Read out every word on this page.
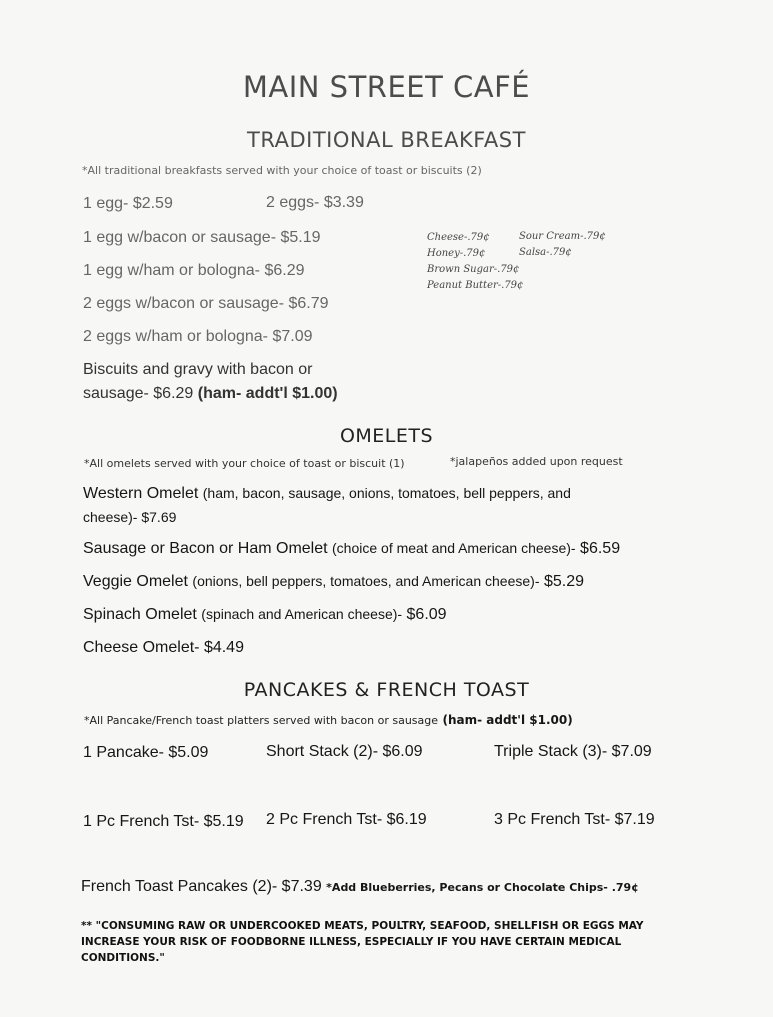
MAIN STREET CAFÉ
TRADITIONAL BREAKFAST
*All traditional breakfasts served with your choice of toast or biscuits (2)
1 egg- $2.59	2 eggs- $3.39
1 egg w/bacon or sausage- $5.19
1 egg w/ham or bologna- $6.29
2 eggs w/bacon or sausage- $6.79
2 eggs w/ham or bologna- $7.09
Biscuits and gravy with bacon or
sausage- $6.29 (ham- addt'l $1.00)
Cheese-.79¢	Sour Cream-.79¢
Honey-.79¢	Salsa-.79¢
Brown Sugar-.79¢
Peanut Butter-.79¢
OMELETS
*All omelets served with your choice of toast or biscuit (1)	*jalapeños added upon request
Western Omelet (ham, bacon, sausage, onions, tomatoes, bell peppers, and
cheese)- $7.69
Sausage or Bacon or Ham Omelet (choice of meat and American cheese)- $6.59
Veggie Omelet (onions, bell peppers, tomatoes, and American cheese)- $5.29
Spinach Omelet (spinach and American cheese)- $6.09
Cheese Omelet- $4.49
PANCAKES & FRENCH TOAST
*All Pancake/French toast platters served with bacon or sausage (ham- addt'l $1.00)
1 Pancake- $5.09	Short Stack (2)- $6.09	Triple Stack (3)- $7.09
1 Pc French Tst- $5.19 2 Pc French Tst- $6.19	3 Pc French Tst- $7.19
French Toast Pancakes (2)- $7.39 *Add Blueberries, Pecans or Chocolate Chips- .79¢
** "CONSUMING RAW OR UNDERCOOKED MEATS, POULTRY, SEAFOOD, SHELLFISH OR EGGS MAY INCREASE YOUR RISK OF FOODBORNE ILLNESS, ESPECIALLY IF YOU HAVE CERTAIN MEDICAL CONDITIONS."
